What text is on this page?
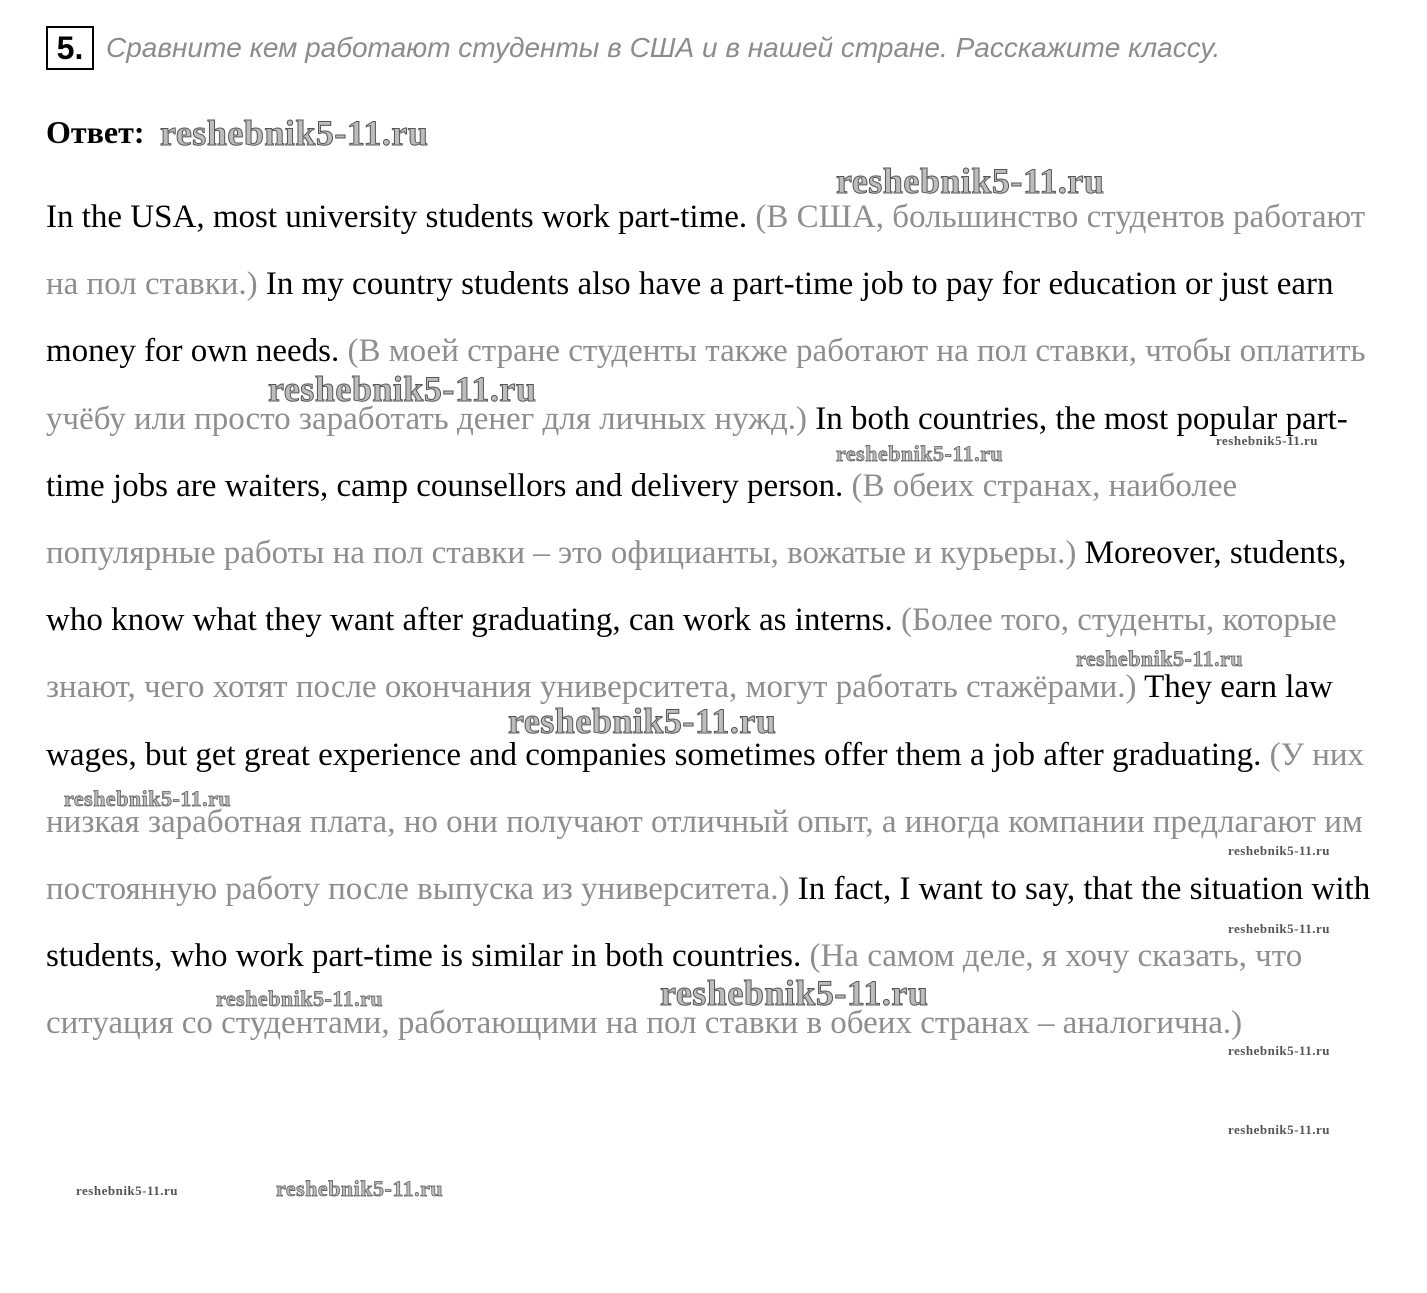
5. Сравните кем работают студенты в США и в нашей стране. Расскажите классу.
Ответ:
In the USA, most university students work part-time. (В США, большинство студентов работают на пол ставки.) In my country students also have a part-time job to pay for education or just earn money for own needs. (В моей стране студенты также работают на пол ставки, чтобы оплатить учёбу или просто заработать денег для личных нужд.) In both countries, the most popular part-time jobs are waiters, camp counsellors and delivery person. (В обеих странах, наиболее популярные работы на пол ставки – это официанты, вожатые и курьеры.) Moreover, students, who know what they want after graduating, can work as interns. (Более того, студенты, которые знают, чего хотят после окончания университета, могут работать стажёрами.) They earn law wages, but get great experience and companies sometimes offer them a job after graduating. (У них низкая заработная плата, но они получают отличный опыт, а иногда компании предлагают им постоянную работу после выпуска из университета.) In fact, I want to say, that the situation with students, who work part-time is similar in both countries. (На самом деле, я хочу сказать, что ситуация со студентами, работающими на пол ставки в обеих странах – аналогична.)
reshebnik5-11.ru
reshebnik5-11.ru
reshebnik5-11.ru
reshebnik5-11.ru
reshebnik5-11.ru
reshebnik5-11.ru
reshebnik5-11.ru
reshebnik5-11.ru
reshebnik5-11.ru
reshebnik5-11.ru
reshebnik5-11.ru	reshebnik5-11.ru
reshebnik5-11.ru
reshebnik5-11.ru
reshebnik5-11.ru	reshebnik5-11.ru
